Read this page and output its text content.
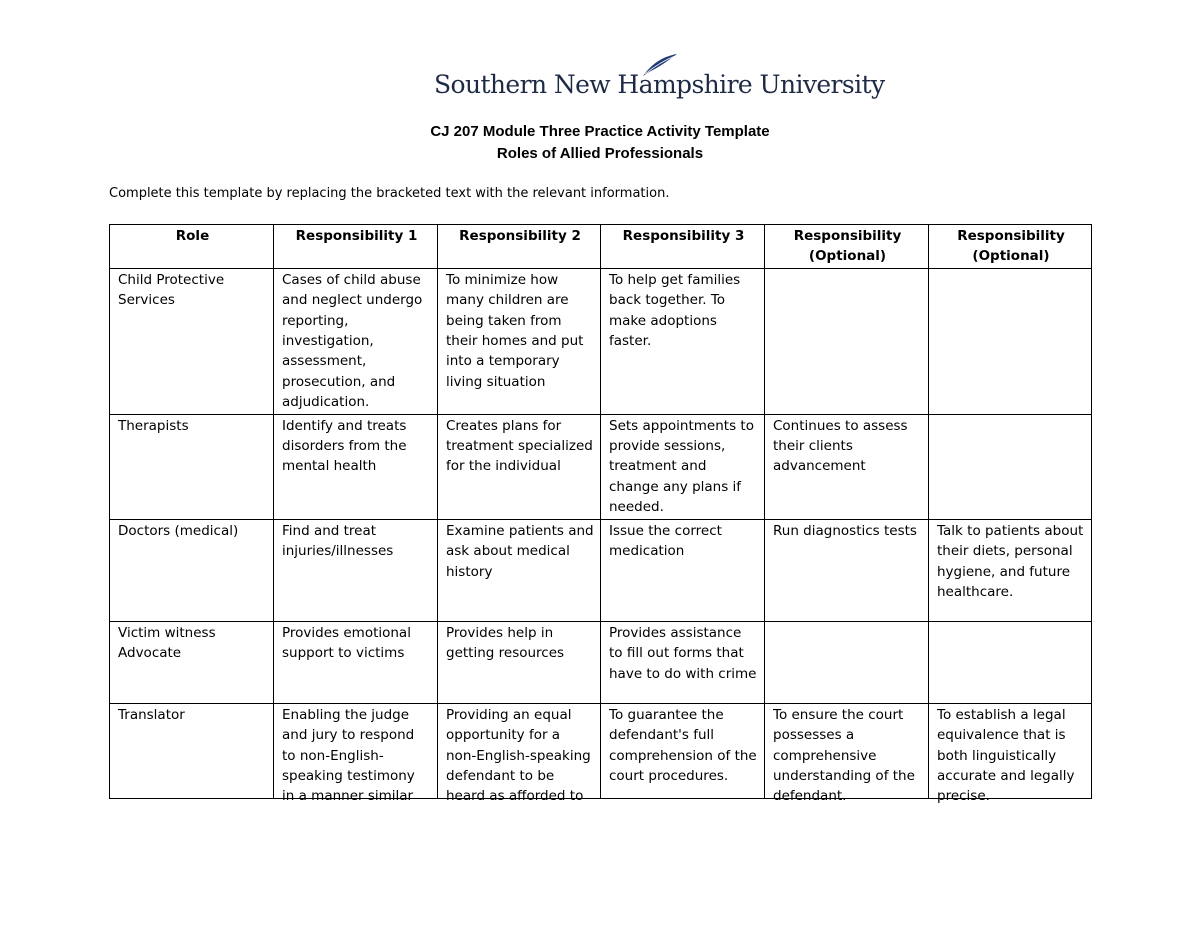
Southern New Hampshire University
CJ 207 Module Three Practice Activity Template
Roles of Allied Professionals
Complete this template by replacing the bracketed text with the relevant information.
Role	Responsibility 1	Responsibility 2	Responsibility 3	Responsibility (Optional)	Responsibility (Optional)
Child Protective Services	Cases of child abuse and neglect undergo reporting, investigation, assessment, prosecution, and adjudication.	To minimize how many children are being taken from their homes and put into a temporary living situation	To help get families back together. To make adoptions faster.		
Therapists	Identify and treats disorders from the mental health	Creates plans for treatment specialized for the individual	Sets appointments to provide sessions, treatment and change any plans if needed.	Continues to assess their clients advancement	
Doctors (medical)	Find and treat injuries/illnesses	Examine patients and ask about medical history	Issue the correct medication	Run diagnostics tests	Talk to patients about their diets, personal hygiene, and future healthcare.
Victim witness Advocate	Provides emotional support to victims	Provides help in getting resources	Provides assistance to fill out forms that have to do with crime		

Translator	Enabling the judge and jury to respond to non-English-speaking testimony in a manner similar	Providing an equal opportunity for a non-English-speaking defendant to be heard as afforded to	To guarantee the defendant's full comprehension of the court procedures.	To ensure the court possesses a comprehensive understanding of the defendant.	To establish a legal equivalence that is both linguistically accurate and legally precise.
